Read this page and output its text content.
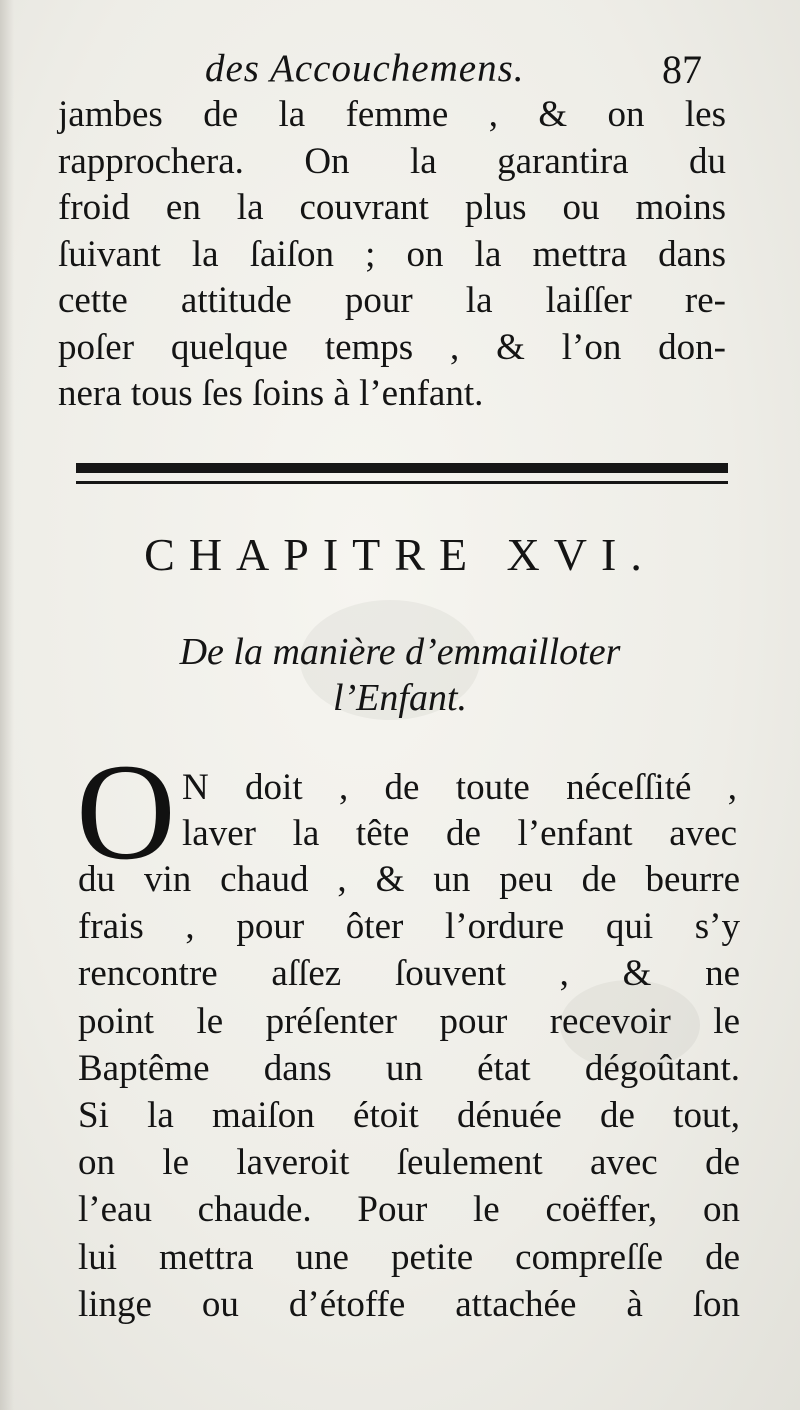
des Accouchemens.	87
jambes de la femme , & on les
rapprochera. On la garantira du
froid en la couvrant plus ou moins
ſuivant la ſaiſon ; on la mettra dans
cette attitude pour la laiſſer re-
poſer quelque temps , & l’on don-
nera tous ſes ſoins à l’enfant.
CHAPITRE XVI.
De la manière d’emmailloter
l’Enfant.
O N doit , de toute néceſſité ,
laver la tête de l’enfant avec
du vin chaud , & un peu de beurre
frais , pour ôter l’ordure qui s’y
rencontre aſſez ſouvent , & ne
point le préſenter pour recevoir le
Baptême dans un état dégoûtant.
Si la maiſon étoit dénuée de tout,
on le laveroit ſeulement avec de
l’eau chaude. Pour le coëffer, on
lui mettra une petite compreſſe de
linge ou d’étoffe attachée à ſon
